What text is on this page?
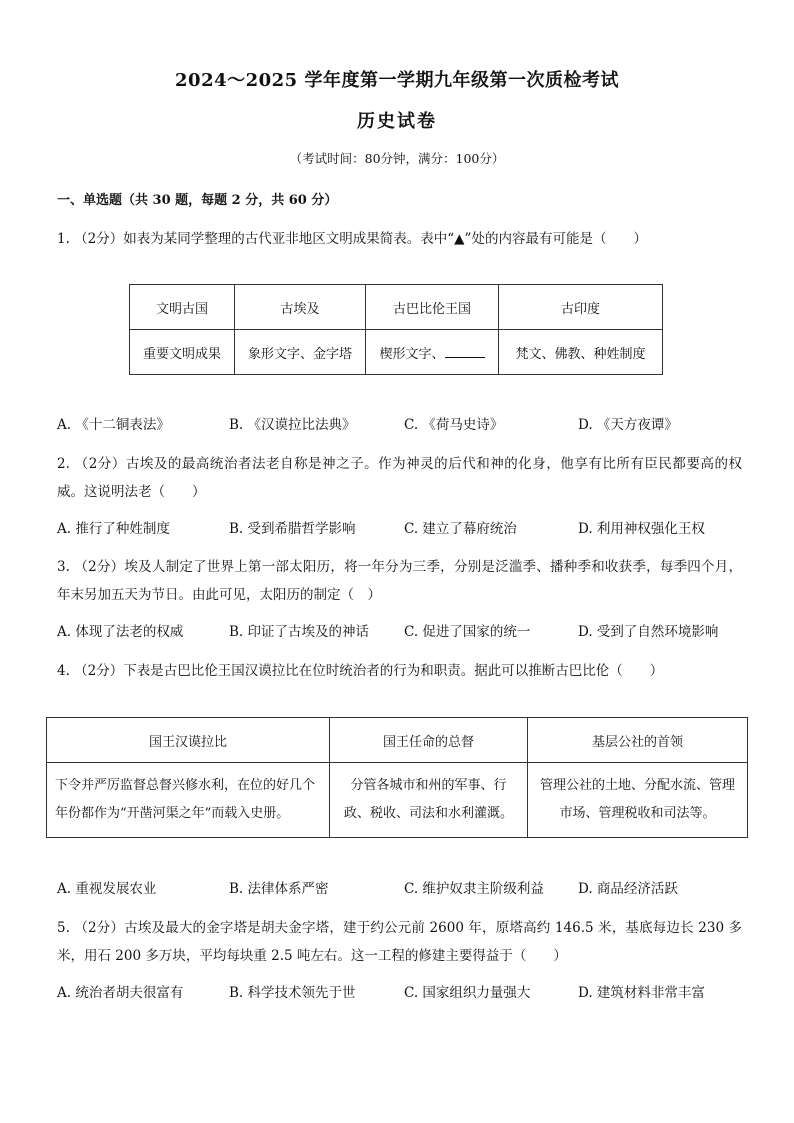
2024～2025 学年度第一学期九年级第一次质检考试
历史试卷
（考试时间：80分钟，满分：100分）
一、单选题（共 30 题，每题 2 分，共 60 分）
1. （2分）如表为某同学整理的古代亚非地区文明成果简表。表中“▲”处的内容最有可能是（　　）
文明古国	古埃及	古巴比伦王国	古印度
重要文明成果	象形文字、金字塔	楔形文字、	梵文、佛教、种姓制度
A. 《十二铜表法》	B. 《汉谟拉比法典》	C. 《荷马史诗》	D. 《天方夜谭》
2. （2分）古埃及的最高统治者法老自称是神之子。作为神灵的后代和神的化身，他享有比所有臣民都要高的权威。这说明法老（　　）
A. 推行了种姓制度	B. 受到希腊哲学影响	C. 建立了幕府统治	D. 利用神权强化王权
3. （2分）埃及人制定了世界上第一部太阳历，将一年分为三季，分别是泛滥季、播种季和收获季，每季四个月，年末另加五天为节日。由此可见，太阳历的制定（　）
A. 体现了法老的权威	B. 印证了古埃及的神话	C. 促进了国家的统一	D. 受到了自然环境影响
4. （2分）下表是古巴比伦王国汉谟拉比在位时统治者的行为和职责。据此可以推断古巴比伦（　　）
国王汉谟拉比	国王任命的总督	基层公社的首领
下令并严厉监督总督兴修水利，在位的好几个年份都作为“开凿河渠之年”而载入史册。	分管各城市和州的军事、行政、税收、司法和水利灌溉。	管理公社的土地、分配水流、管理市场、管理税收和司法等。
A. 重视发展农业	B. 法律体系严密	C. 维护奴隶主阶级利益	D. 商品经济活跃
5. （2分）古埃及最大的金字塔是胡夫金字塔，建于约公元前 2600 年，原塔高约 146.5 米，基底每边长 230 多米，用石 200 多万块，平均每块重 2.5 吨左右。这一工程的修建主要得益于（　　）
A. 统治者胡夫很富有	B. 科学技术领先于世	C. 国家组织力量强大	D. 建筑材料非常丰富
